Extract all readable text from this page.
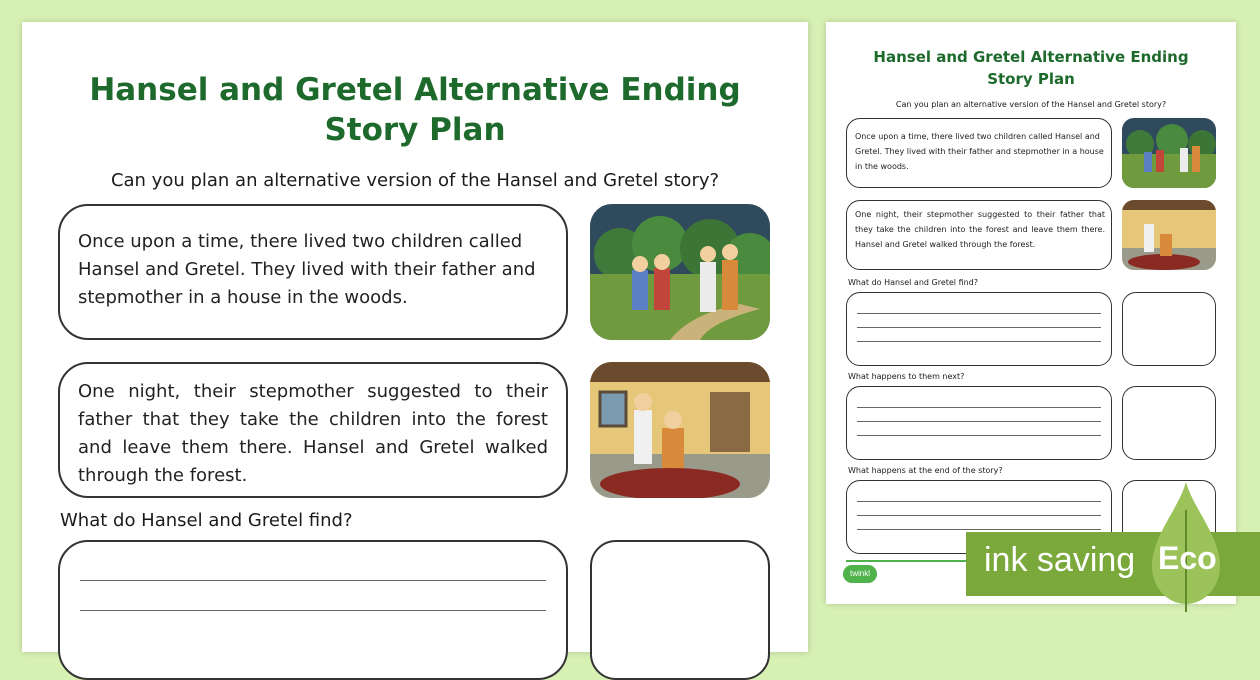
Hansel and Gretel Alternative Ending
Story Plan
Can you plan an alternative version of the Hansel and Gretel story?
Once upon a time, there lived two children called Hansel and Gretel. They lived with their father and stepmother in a house in the woods.
One night, their stepmother suggested to their father that they take the children into the forest and leave them there. Hansel and Gretel walked through the forest.
What do Hansel and Gretel find?
Hansel and Gretel Alternative Ending
Story Plan
Can you plan an alternative version of the Hansel and Gretel story?
Once upon a time, there lived two children called Hansel and Gretel. They lived with their father and stepmother in a house in the woods.
One night, their stepmother suggested to their father that they take the children into the forest and leave them there. Hansel and Gretel walked through the forest.
What do Hansel and Gretel find?
What happens to them next?
What happens at the end of the story?
twinkl	ink saving Eco
